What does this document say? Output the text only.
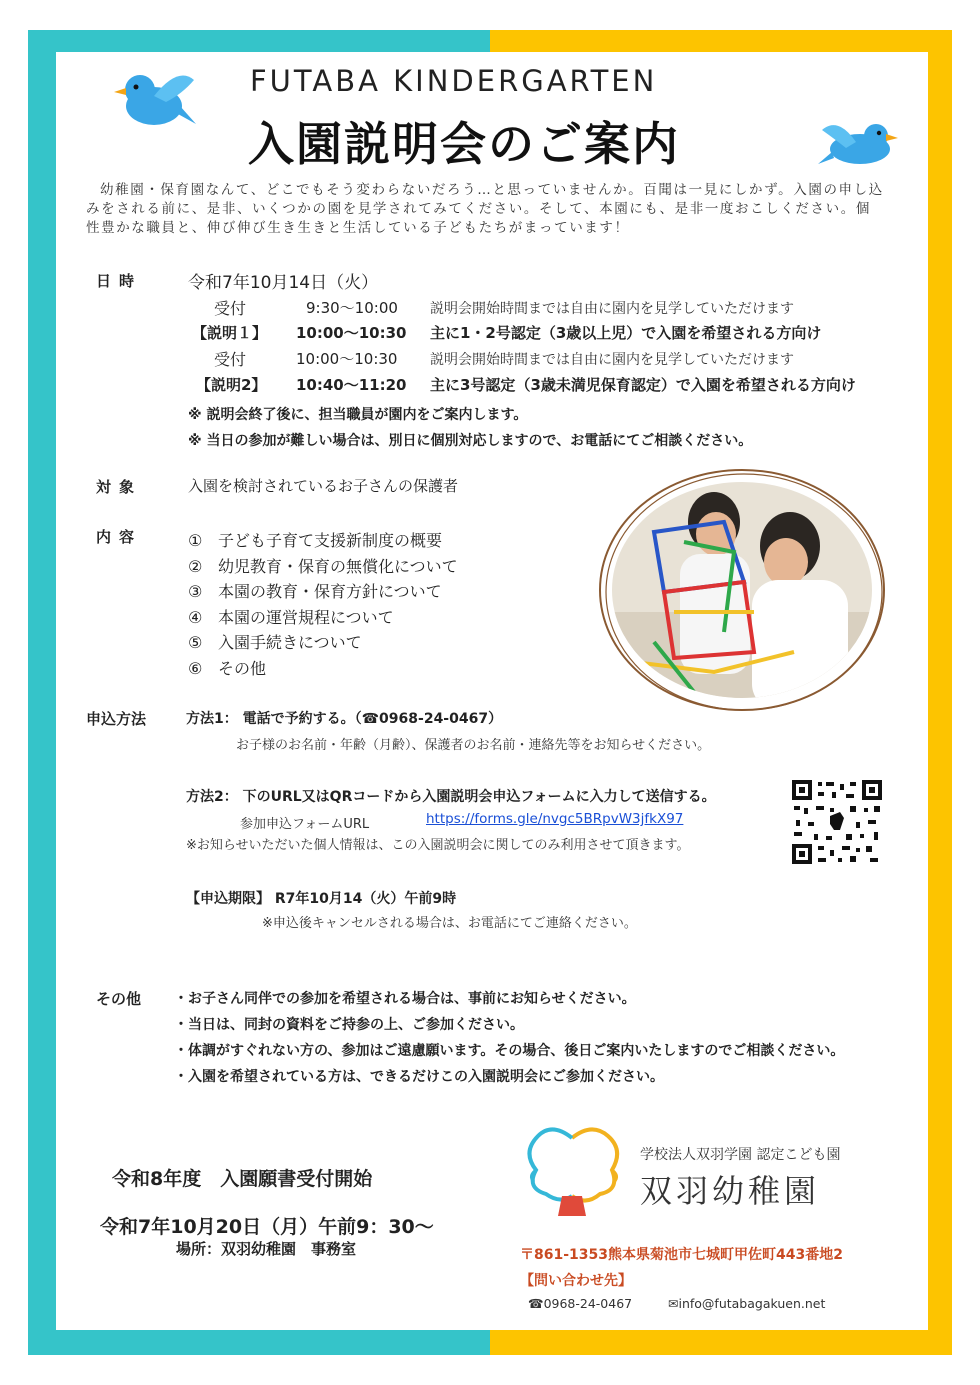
FUTABA KINDERGARTEN
入園説明会のご案内
幼稚園・保育園なんて、どこでもそう変わらないだろう…と思っていませんか。百聞は一見にしかず。入園の申し込みをされる前に、是非、いくつかの園を見学されてみてください。そして、本園にも、是非一度おこしください。個性豊かな職員と、伸び伸び生き生きと生活している子どもたちがまっています！
日時	令和7年10月14日（火）
受付	9:30〜10:00 説明会開始時間までは自由に園内を見学していただけます
【説明１】 10:00〜10:30 主に1・2号認定（3歳以上児）で入園を希望される方向け
受付	10:00〜10:30 説明会開始時間までは自由に園内を見学していただけます
【説明2】 10:40〜11:20 主に3号認定（3歳未満児保育認定）で入園を希望される方向け
※ 説明会終了後に、担当職員が園内をご案内します。
※ 当日の参加が難しい場合は、別日に個別対応しますので、お電話にてご相談ください。
対象	入園を検討されているお子さんの保護者
内容	① 子ども子育て支援新制度の概要
② 幼児教育・保育の無償化について
③ 本園の教育・保育方針について
④ 本園の運営規程について
⑤ 入園手続きについて
⑥ その他
申込方法	方法1： 電話で予約する。（☎0968-24-0467）
お子様のお名前・年齢（月齢）、保護者のお名前・連絡先等をお知らせください。
方法2： 下のURL又はQRコードから入園説明会申込フォームに入力して送信する。
参加申込フォームURL	https://forms.gle/nvgc5BRpvW3jfkX97
※お知らせいただいた個人情報は、この入園説明会に関してのみ利用させて頂きます。
【申込期限】 R7年10月14（火）午前9時
※申込後キャンセルされる場合は、お電話にてご連絡ください。
その他 ・お子さん同伴での参加を希望される場合は、事前にお知らせください。
・当日は、同封の資料をご持参の上、ご参加ください。
・体調がすぐれない方の、参加はご遠慮願います。その場合、後日ご案内いたしますのでご相談ください。
・入園を希望されている方は、できるだけこの入園説明会にご参加ください。
令和8年度　入園願書受付開始
令和7年10月20日（月）午前9：30〜
場所：双羽幼稚園　事務室
学校法人双羽学園 認定こども園
双羽幼稚園
〒861-1353熊本県菊池市七城町甲佐町443番地2
【問い合わせ先】
☎0968-24-0467	✉info@futabagakuen.net
